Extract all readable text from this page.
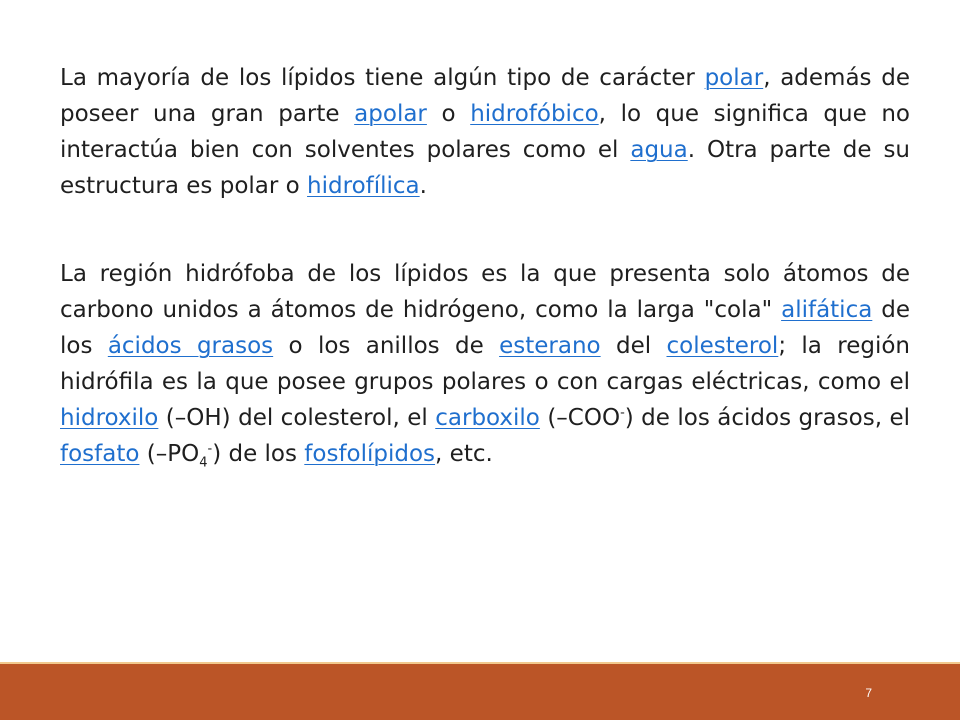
La mayoría de los lípidos tiene algún tipo de carácter polar, además de poseer una gran parte apolar o hidrofóbico, lo que significa que no interactúa bien con solventes polares como el agua. Otra parte de su estructura es polar o hidrofílica.

La región hidrófoba de los lípidos es la que presenta solo átomos de carbono unidos a átomos de hidrógeno, como la larga "cola" alifática de los ácidos grasos o los anillos de esterano del colesterol; la región hidrófila es la que posee grupos polares o con cargas eléctricas, como el hidroxilo (–OH) del colesterol, el carboxilo (–COO-) de los ácidos grasos, el fosfato $(-PO_4^-)$ de los fosfolípidos, etc.

7
